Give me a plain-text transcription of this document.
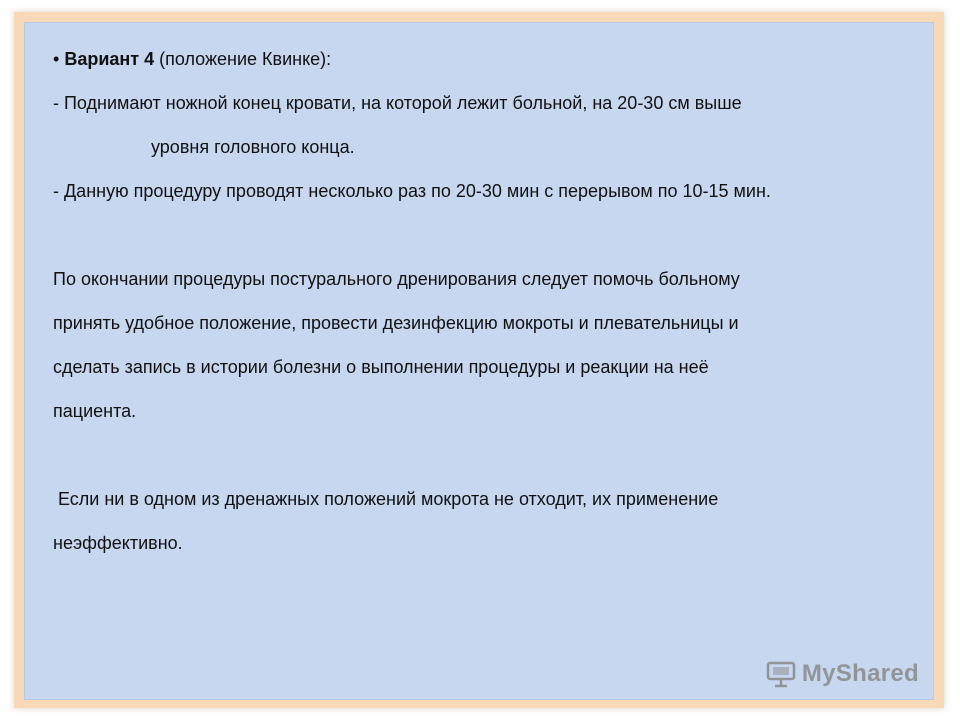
• Вариант 4 (положение Квинке):
- Поднимают ножной конец кровати, на которой лежит больной, на 20-30 см выше
уровня головного конца.
- Данную процедуру проводят несколько раз по 20-30 мин с перерывом по 10-15 мин.
По окончании процедуры постурального дренирования следует помочь больному
принять удобное положение, провести дезинфекцию мокроты и плевательницы и
сделать запись в истории болезни о выполнении процедуры и реакции на неё
пациента.
Если ни в одном из дренажных положений мокрота не отходит, их применение
неэффективно.
MyShared
